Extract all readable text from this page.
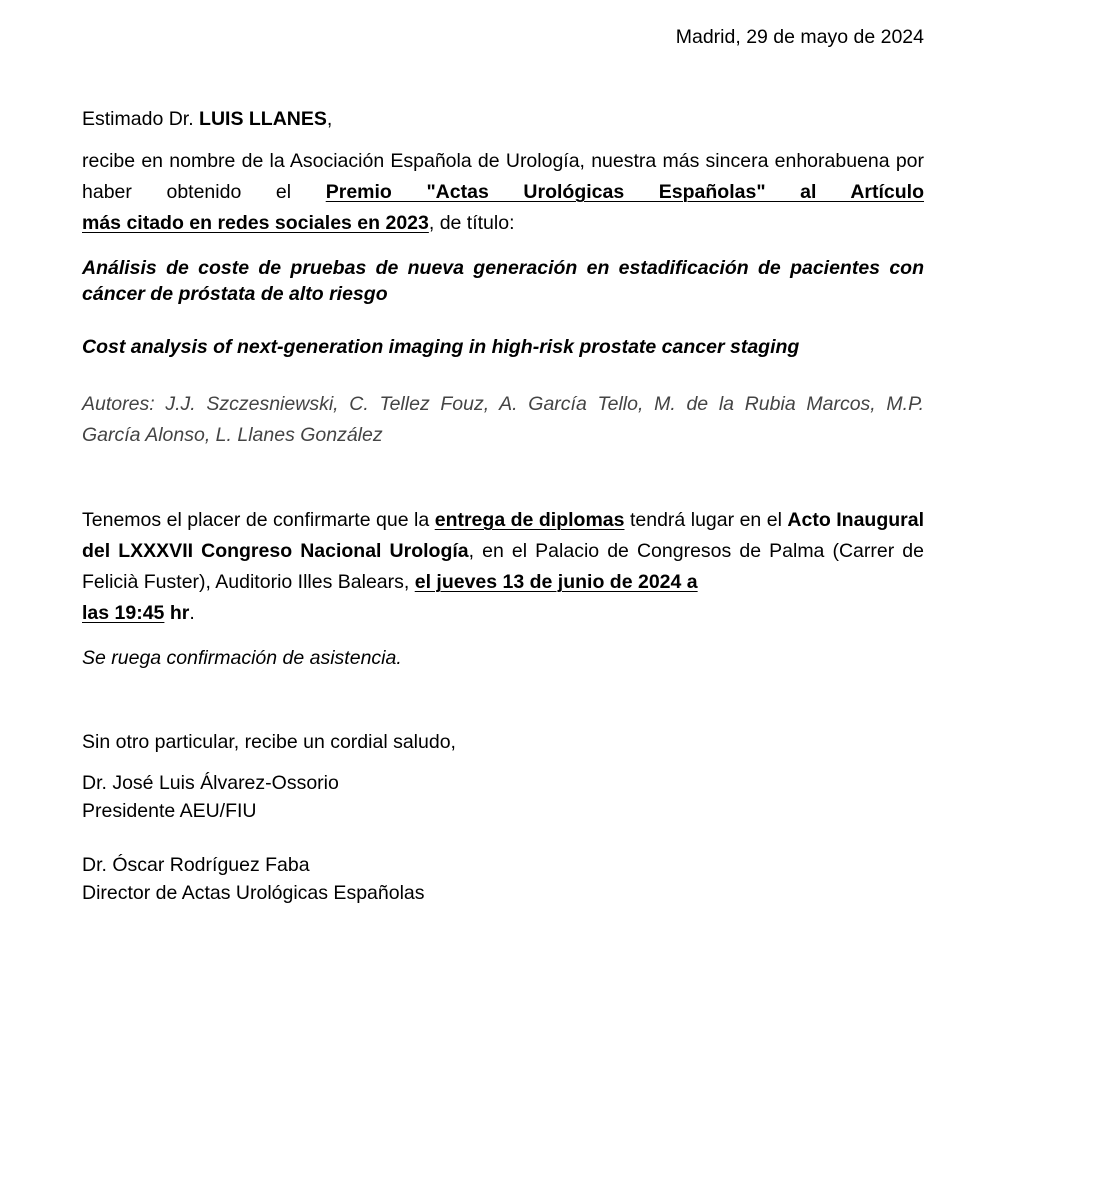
Madrid, 29 de mayo de 2024

Estimado Dr. LUIS LLANES,

recibe en nombre de la Asociación Española de Urología, nuestra más sincera enhorabuena por haber obtenido el Premio "Actas Urológicas Españolas" al Artículo

más citado en redes sociales en 2023, de título:

Análisis de coste de pruebas de nueva generación en estadificación de pacientes con cáncer de próstata de alto riesgo

Cost analysis of next-generation imaging in high-risk prostate cancer staging

Autores: J.J. Szczesniewski, C. Tellez Fouz, A. García Tello, M. de la Rubia Marcos, M.P.

García Alonso, L. Llanes González

Tenemos el placer de confirmarte que la entrega de diplomas tendrá lugar en el Acto Inaugural del LXXXVII Congreso Nacional Urología, en el Palacio de Congresos de Palma (Carrer de Felicià Fuster), Auditorio Illes Balears, el jueves 13 de junio de 2024 a

las 19:45 hr.

Se ruega confirmación de asistencia.

Sin otro particular, recibe un cordial saludo,

Dr. José Luis Álvarez-Ossorio

Presidente AEU/FIU

Dr. Óscar Rodríguez Faba

Director de Actas Urológicas Españolas
